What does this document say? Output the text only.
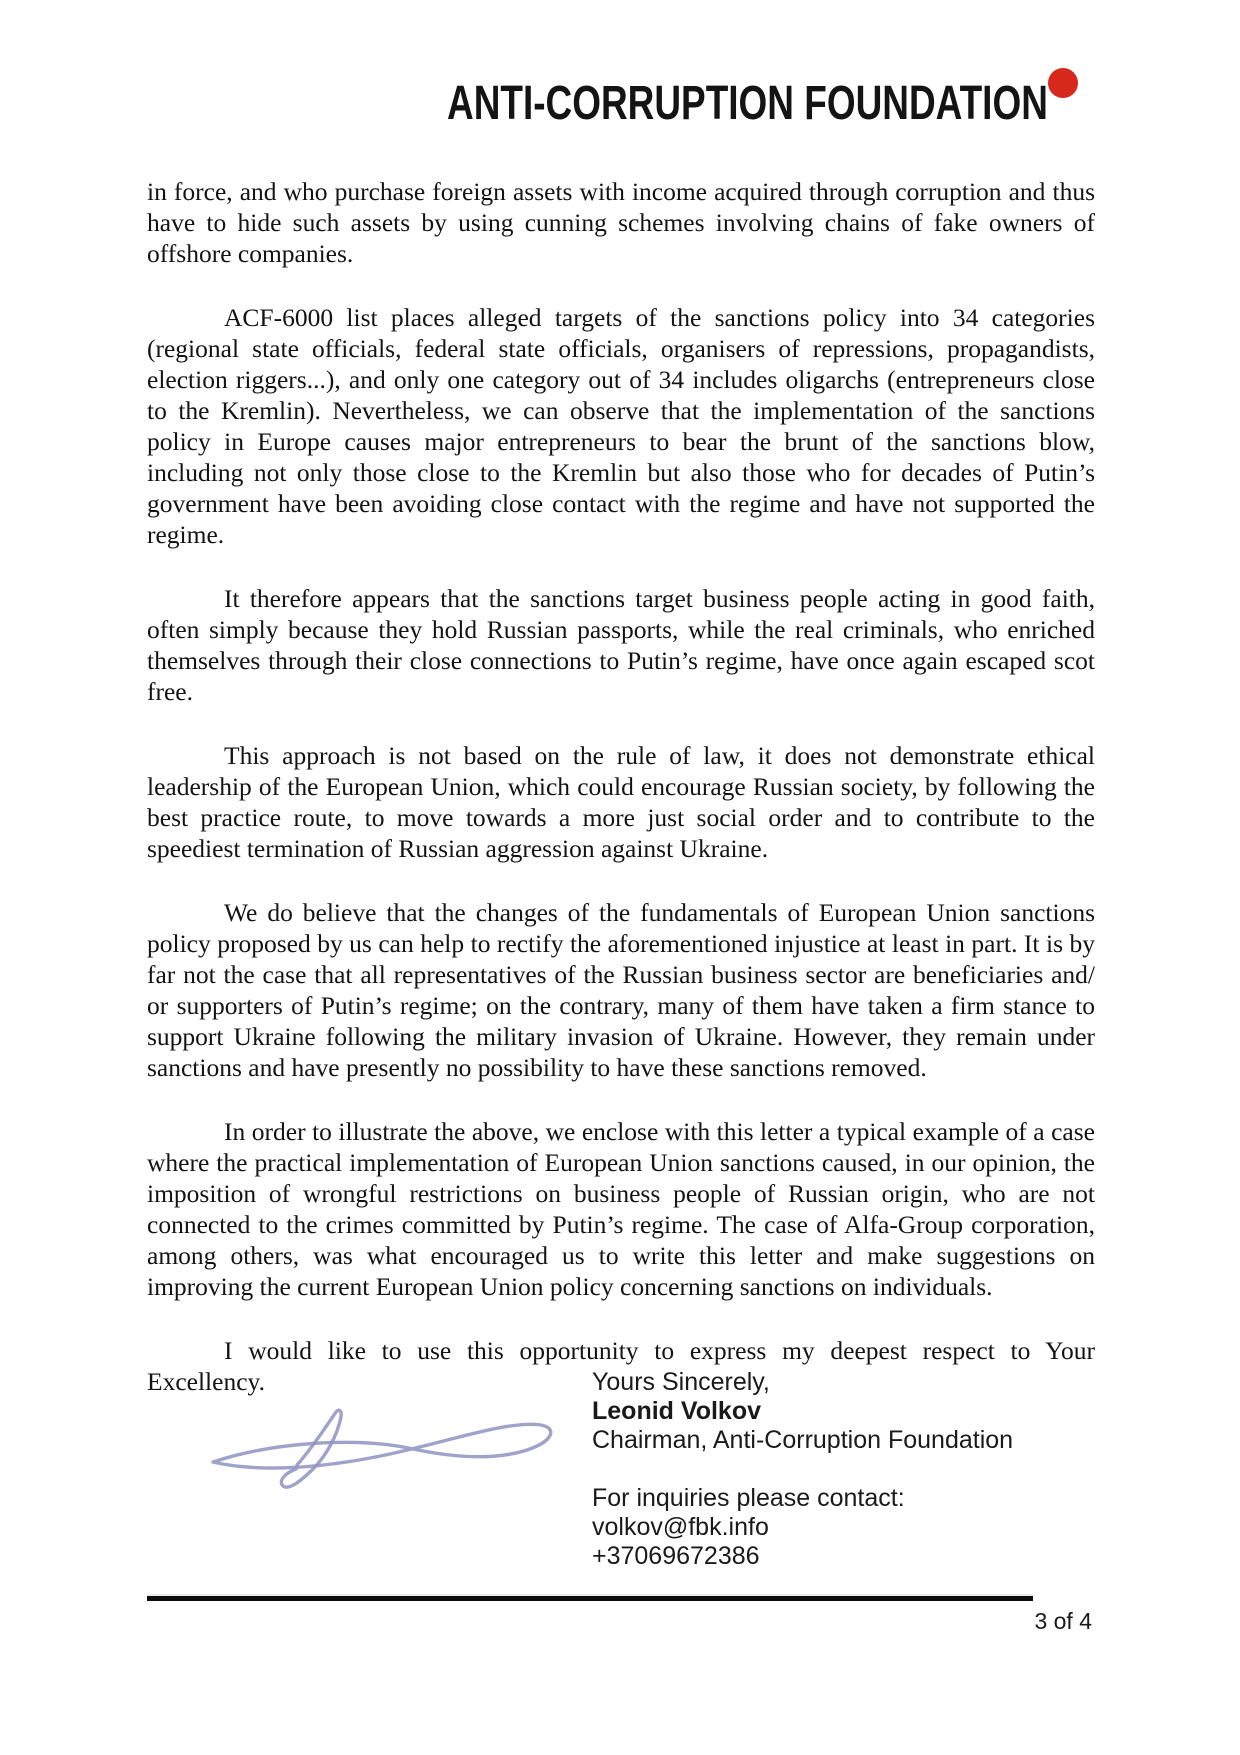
ANTI-CORRUPTION FOUNDATION

in force, and who purchase foreign assets with income acquired through corruption and thus have to hide such assets by using cunning schemes involving chains of fake owners of offshore companies.

ACF-6000 list places alleged targets of the sanctions policy into 34 categories (regional state officials, federal state officials, organisers of repressions, propagandists, election riggers...), and only one category out of 34 includes oligarchs (entrepreneurs close to the Kremlin). Nevertheless, we can observe that the implementation of the sanctions policy in Europe causes major entrepreneurs to bear the brunt of the sanctions blow, including not only those close to the Kremlin but also those who for decades of Putin’s government have been avoiding close contact with the regime and have not supported the regime.

It therefore appears that the sanctions target business people acting in good faith, often simply because they hold Russian passports, while the real criminals, who enriched themselves through their close connections to Putin’s regime, have once again escaped scot free.

This approach is not based on the rule of law, it does not demonstrate ethical leadership of the European Union, which could encourage Russian society, by following the best practice route, to move towards a more just social order and to contribute to the speediest termination of Russian aggression against Ukraine.

We do believe that the changes of the fundamentals of European Union sanctions policy proposed by us can help to rectify the aforementioned injustice at least in part. It is by far not the case that all representatives of the Russian business sector are beneficiaries and/ or supporters of Putin’s regime; on the contrary, many of them have taken a firm stance to support Ukraine following the military invasion of Ukraine. However, they remain under sanctions and have presently no possibility to have these sanctions removed.

In order to illustrate the above, we enclose with this letter a typical example of a case where the practical implementation of European Union sanctions caused, in our opinion, the imposition of wrongful restrictions on business people of Russian origin, who are not connected to the crimes committed by Putin’s regime. The case of Alfa-Group corporation, among others, was what encouraged us to write this letter and make suggestions on improving the current European Union policy concerning sanctions on individuals.

I would like to use this opportunity to express my deepest respect to Your Excellency.	Yours Sincerely,
Leonid Volkov
Chairman, Anti-Corruption Foundation
For inquiries please contact:
volkov@fbk.info
+37069672386
3 of 4
